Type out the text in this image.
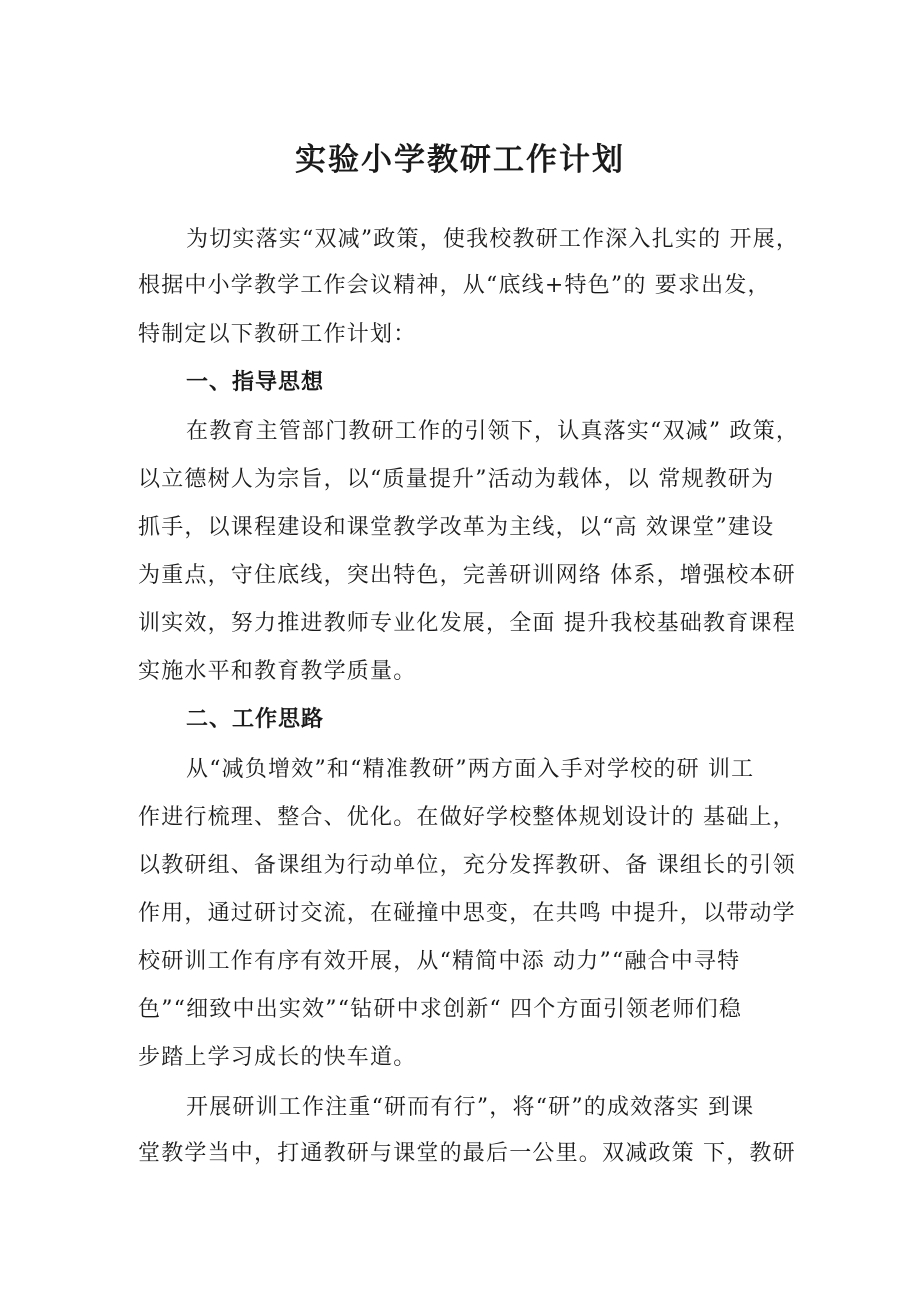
实验小学教研工作计划
为切实落实“双减”政策，使我校教研工作深入扎实的 开展，
根据中小学教学工作会议精神，从“底线+特色”的 要求出发，
特制定以下教研工作计划：
一、指导思想
在教育主管部门教研工作的引领下，认真落实“双减” 政策，
以立德树人为宗旨，以“质量提升”活动为载体，以 常规教研为
抓手，以课程建设和课堂教学改革为主线，以“高 效课堂”建设
为重点，守住底线，突出特色，完善研训网络 体系，增强校本研
训实效，努力推进教师专业化发展，全面 提升我校基础教育课程
实施水平和教育教学质量。
二、工作思路
从“减负增效”和“精准教研”两方面入手对学校的研 训工
作进行梳理、整合、优化。在做好学校整体规划设计的 基础上，
以教研组、备课组为行动单位，充分发挥教研、备 课组长的引领
作用，通过研讨交流，在碰撞中思变，在共鸣 中提升，以带动学
校研训工作有序有效开展，从“精简中添 动力”“融合中寻特
色”“细致中出实效”“钻研中求创新“ 四个方面引领老师们稳
步踏上学习成长的快车道。
开展研训工作注重“研而有行”，将“研”的成效落实 到课
堂教学当中，打通教研与课堂的最后一公里。双减政策 下，教研
